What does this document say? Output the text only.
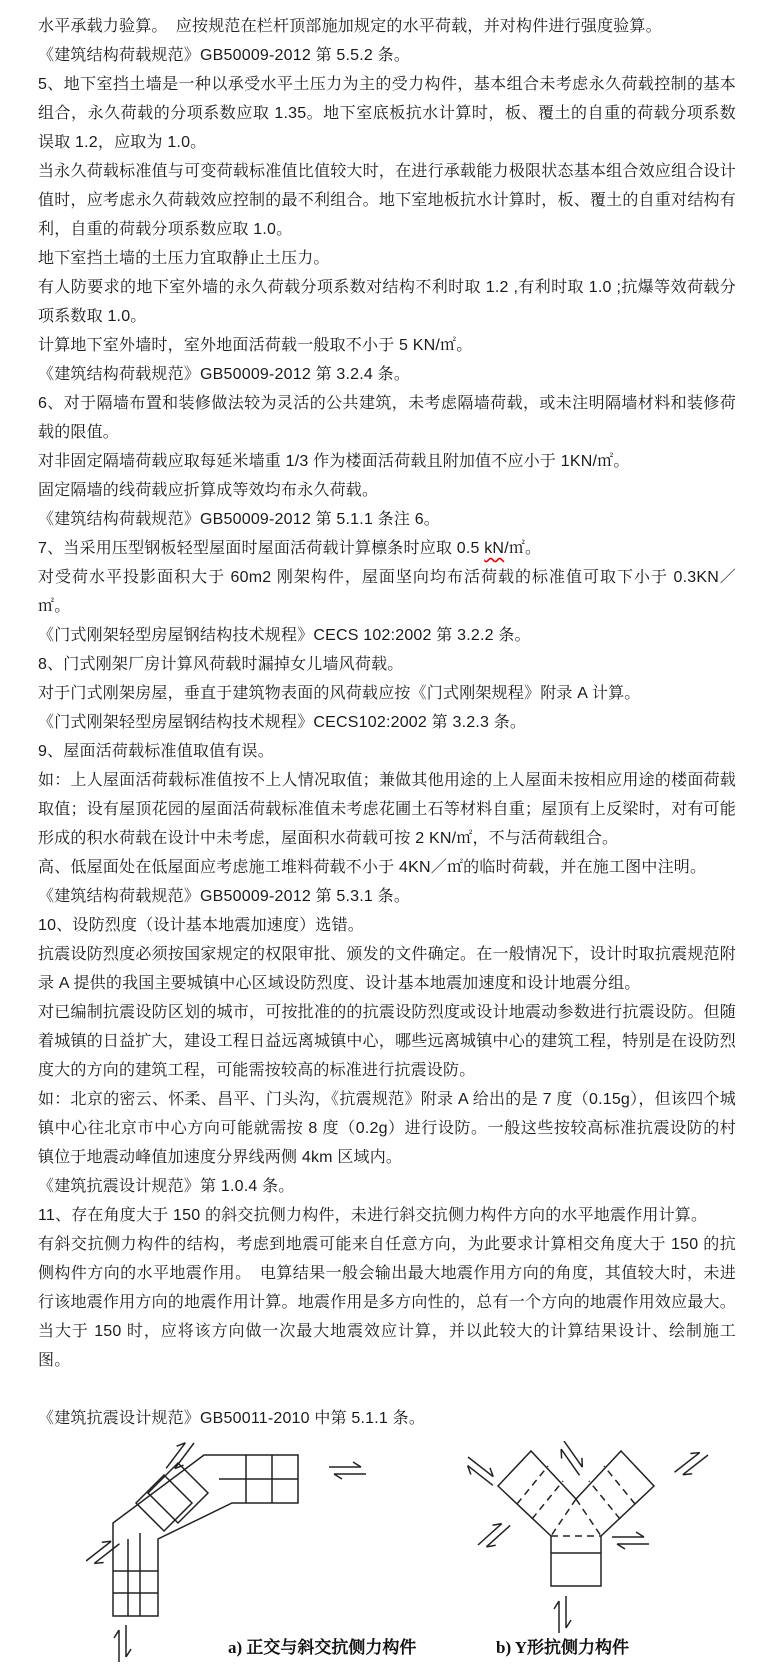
水平承载力验算。　应按规范在栏杆顶部施加规定的水平荷载，并对构件进行强度验算。

《建筑结构荷载规范》GB50009-2012 第 5.5.2 条。

5、地下室挡土墙是一种以承受水平土压力为主的受力构件，基本组合未考虑永久荷载控制的基本组合，永久荷载的分项系数应取 1.35。地下室底板抗水计算时，板、覆土的自重的荷载分项系数误取 1.2，应取为 1.0。

当永久荷载标准值与可变荷载标准值比值较大时，在进行承载能力极限状态基本组合效应组合设计值时，应考虑永久荷载效应控制的最不利组合。地下室地板抗水计算时，板、覆土的自重对结构有利，自重的荷载分项系数应取 1.0。

地下室挡土墙的土压力宜取静止土压力。

有人防要求的地下室外墙的永久荷载分项系数对结构不利时取 1.2 ,有利时取 1.0 ;抗爆等效荷载分项系数取 1.0。

计算地下室外墙时，室外地面活荷载一般取不小于 5 KN/㎡。

《建筑结构荷载规范》GB50009-2012 第 3.2.4 条。

6、对于隔墙布置和装修做法较为灵活的公共建筑，未考虑隔墙荷载，或未注明隔墙材料和装修荷载的限值。

对非固定隔墙荷载应取每延米墙重 1/3 作为楼面活荷载且附加值不应小于 1KN/㎡。

固定隔墙的线荷载应折算成等效均布永久荷载。

《建筑结构荷载规范》GB50009-2012 第 5.1.1 条注 6。

7、当采用压型钢板轻型屋面时屋面活荷载计算檩条时应取 0.5 kN/㎡。

对受荷水平投影面积大于 60m2 刚架构件，屋面坚向均布活荷载的标准值可取下小于 0.3KN／㎡。

《门式刚架轻型房屋钢结构技术规程》CECS 102:2002 第 3.2.2 条。

8、门式刚架厂房计算风荷载时漏掉女儿墙风荷载。

对于门式刚架房屋，垂直于建筑物表面的风荷载应按《门式刚架规程》附录 A 计算。

《门式刚架轻型房屋钢结构技术规程》CECS102:2002 第 3.2.3 条。

9、屋面活荷载标准值取值有误。

如：上人屋面活荷载标准值按不上人情况取值；兼做其他用途的上人屋面未按相应用途的楼面荷载取值；设有屋顶花园的屋面活荷载标准值未考虑花圃土石等材料自重；屋顶有上反梁时，对有可能形成的积水荷载在设计中未考虑，屋面积水荷载可按 2 KN/㎡，不与活荷载组合。

高、低屋面处在低屋面应考虑施工堆料荷载不小于 4KN／㎡的临时荷载，并在施工图中注明。

《建筑结构荷载规范》GB50009-2012 第 5.3.1 条。

10、设防烈度（设计基本地震加速度）选错。

抗震设防烈度必须按国家规定的权限审批、颁发的文件确定。在一般情况下，设计时取抗震规范附录 A 提供的我国主要城镇中心区域设防烈度、设计基本地震加速度和设计地震分组。

对已编制抗震设防区划的城市，可按批准的的抗震设防烈度或设计地震动参数进行抗震设防。但随着城镇的日益扩大，建设工程日益远离城镇中心，哪些远离城镇中心的建筑工程，特别是在设防烈度大的方向的建筑工程，可能需按较高的标准进行抗震设防。

如：北京的密云、怀柔、昌平、门头沟，《抗震规范》附录 A 给出的是 7 度（0.15g），但该四个城镇中心往北京市中心方向可能就需按 8 度（0.2g）进行设防。一般这些按较高标准抗震设防的村镇位于地震动峰值加速度分界线两侧 4km 区域内。

《建筑抗震设计规范》第 1.0.4 条。

11、存在角度大于 150 的斜交抗侧力构件，未进行斜交抗侧力构件方向的水平地震作用计算。

有斜交抗侧力构件的结构，考虑到地震可能来自任意方向，为此要求计算相交角度大于 150 的抗侧构件方向的水平地震作用。　电算结果一般会输出最大地震作用方向的角度，其值较大时，未进行该地震作用方向的地震作用计算。地震作用是多方向性的，总有一个方向的地震作用效应最大。当大于 150 时，应将该方向做一次最大地震效应计算，并以此较大的计算结果设计、绘制施工图。

《建筑抗震设计规范》GB50011-2010 中第 5.1.1 条。

a) 正交与斜交抗侧力构件	b) Y形抗侧力构件
